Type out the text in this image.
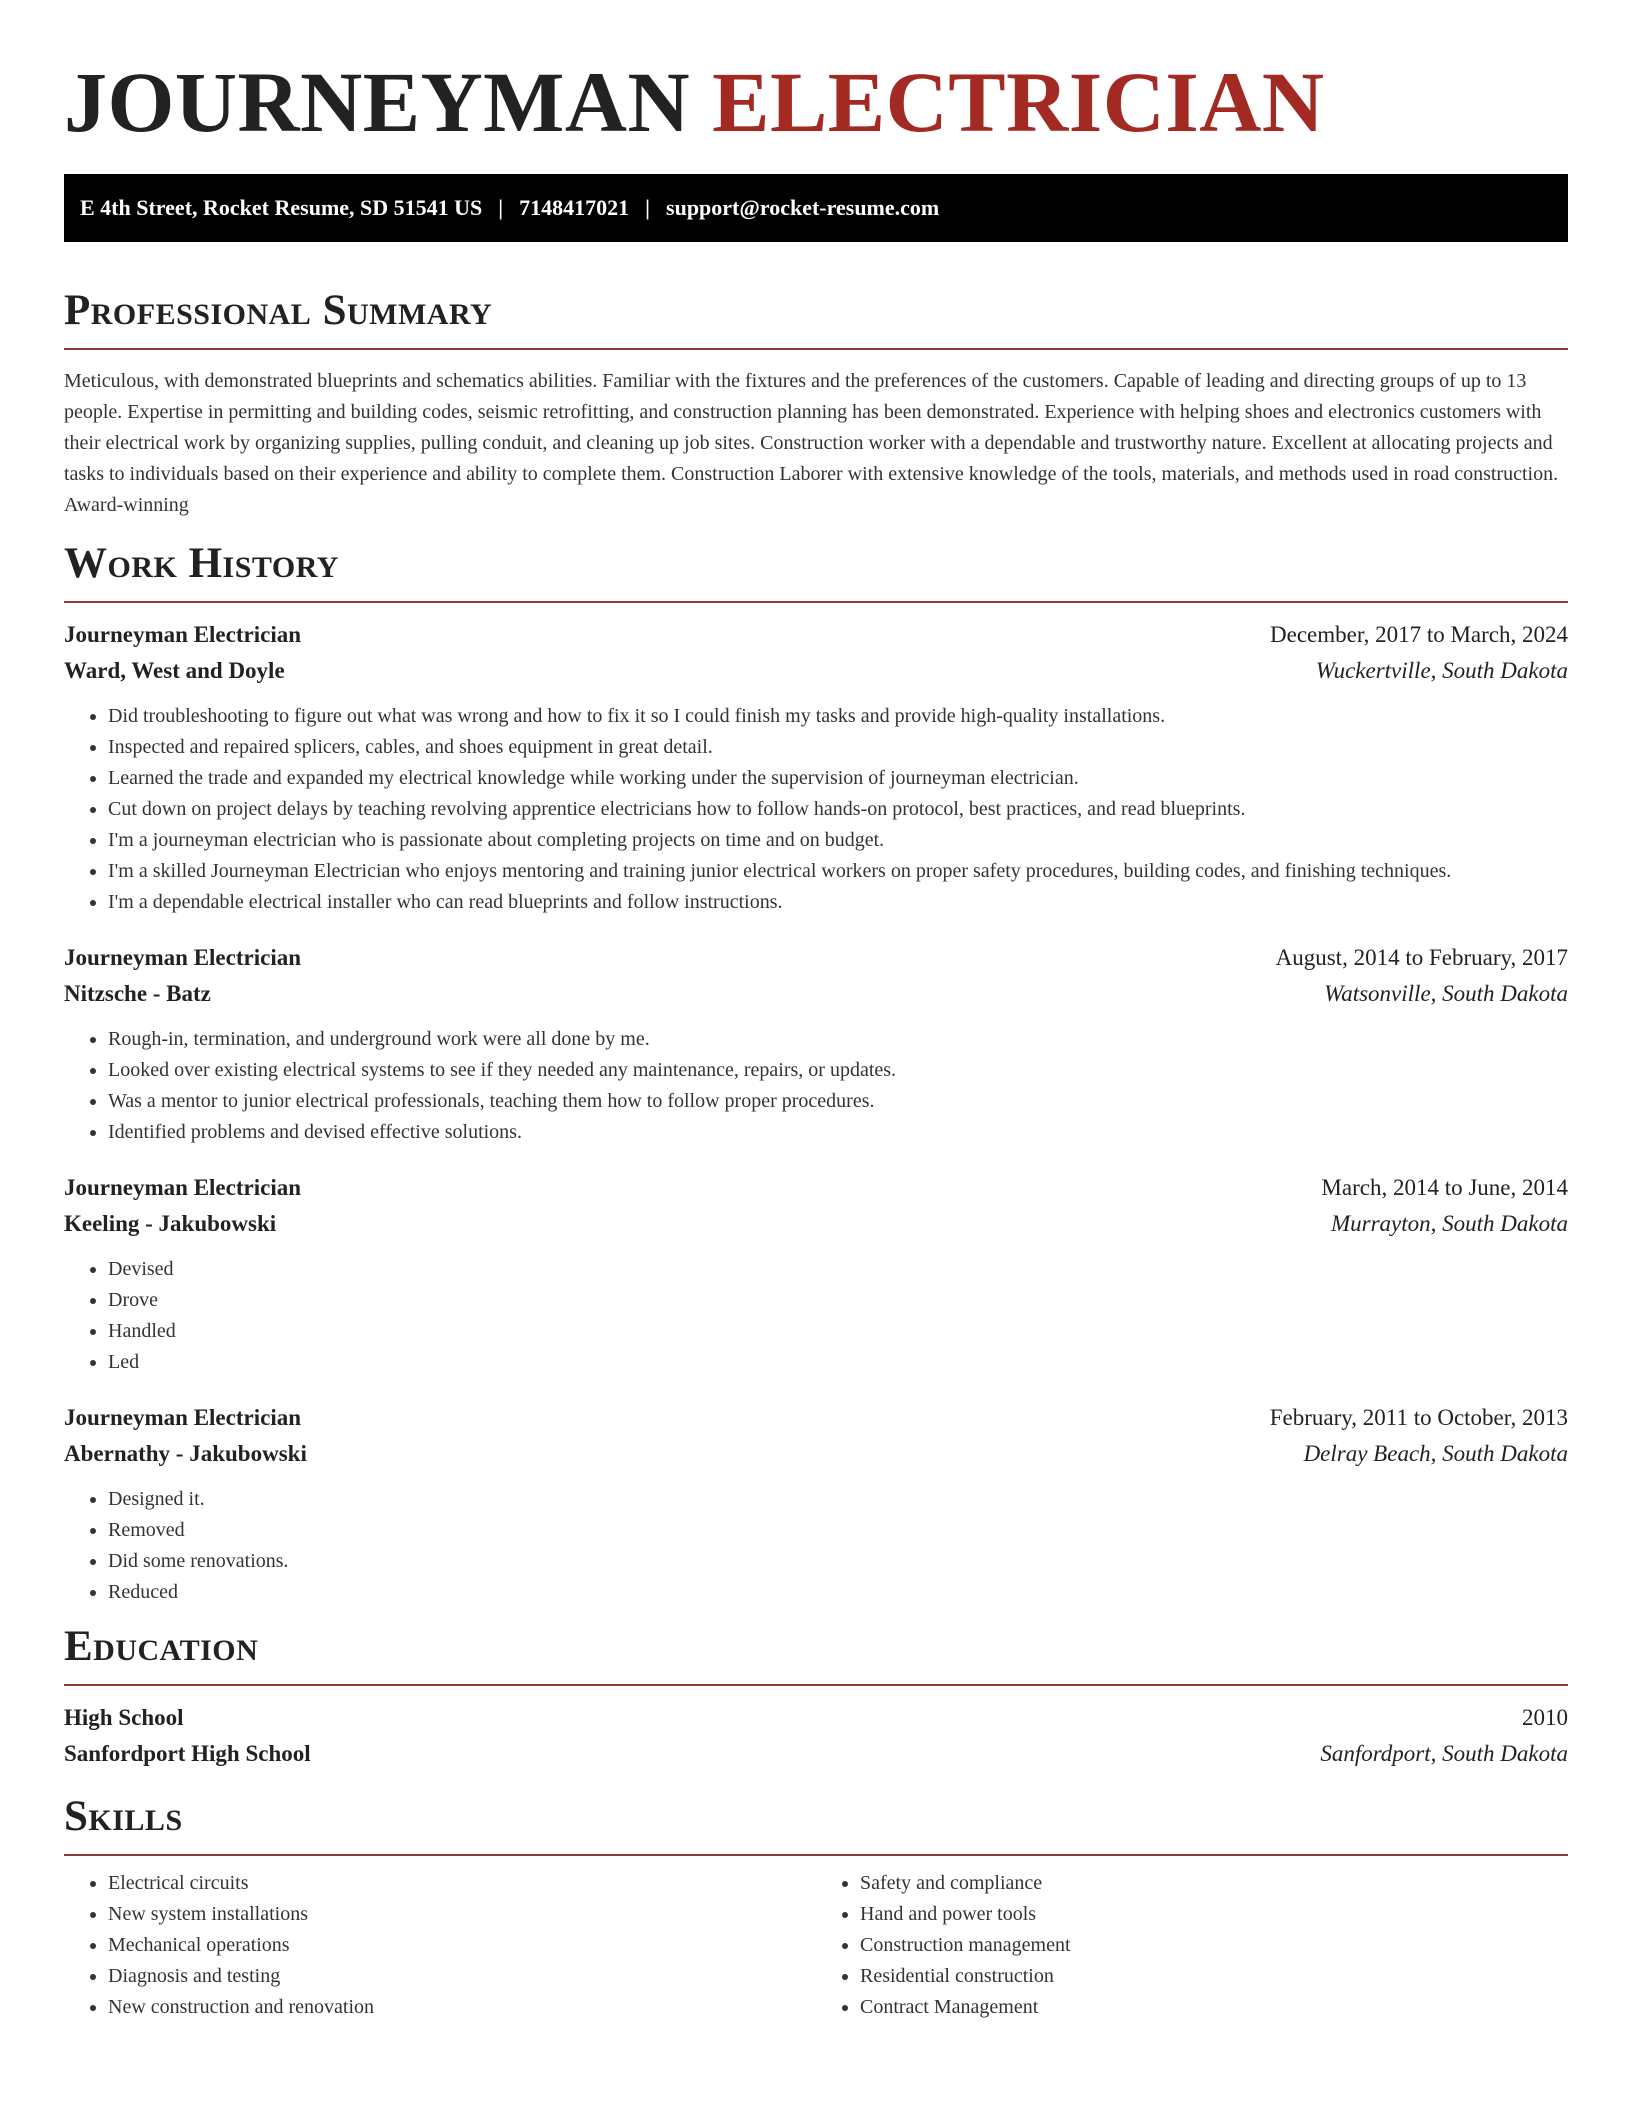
JOURNEYMAN ELECTRICIAN
E 4th Street, Rocket Resume, SD 51541 US | 7148417021 | support@rocket-resume.com
Professional Summary

Meticulous, with demonstrated blueprints and schematics abilities. Familiar with the fixtures and the preferences of the customers. Capable of leading and directing groups of up to 13 people. Expertise in permitting and building codes, seismic retrofitting, and construction planning has been demonstrated. Experience with helping shoes and electronics customers with their electrical work by organizing supplies, pulling conduit, and cleaning up job sites. Construction worker with a dependable and trustworthy nature. Excellent at allocating projects and tasks to individuals based on their experience and ability to complete them. Construction Laborer with extensive knowledge of the tools, materials, and methods used in road construction. Award-winning

Work History
Journeyman Electrician	December, 2017 to March, 2024
Ward, West and Doyle	Wuckertville, South Dakota
• Did troubleshooting to figure out what was wrong and how to fix it so I could finish my tasks and provide high-quality installations.
• Inspected and repaired splicers, cables, and shoes equipment in great detail.
• Learned the trade and expanded my electrical knowledge while working under the supervision of journeyman electrician.
• Cut down on project delays by teaching revolving apprentice electricians how to follow hands-on protocol, best practices, and read blueprints.
• I'm a journeyman electrician who is passionate about completing projects on time and on budget.
• I'm a skilled Journeyman Electrician who enjoys mentoring and training junior electrical workers on proper safety procedures, building codes, and finishing techniques.
• I'm a dependable electrical installer who can read blueprints and follow instructions.
Journeyman Electrician	August, 2014 to February, 2017
Nitzsche - Batz	Watsonville, South Dakota
• Rough-in, termination, and underground work were all done by me.
• Looked over existing electrical systems to see if they needed any maintenance, repairs, or updates.
• Was a mentor to junior electrical professionals, teaching them how to follow proper procedures.
• Identified problems and devised effective solutions.
Journeyman Electrician	March, 2014 to June, 2014
Keeling - Jakubowski	Murrayton, South Dakota
• Devised
• Drove
• Handled
• Led
Journeyman Electrician	February, 2011 to October, 2013
Abernathy - Jakubowski	Delray Beach, South Dakota
• Designed it.
• Removed
• Did some renovations.
• Reduced
Education
High School	2010
Sanfordport High School	Sanfordport, South Dakota
Skills
• Electrical circuits
• New system installations
• Mechanical operations
• Diagnosis and testing
• New construction and renovation
• Safety and compliance
• Hand and power tools
• Construction management
• Residential construction
• Contract Management
